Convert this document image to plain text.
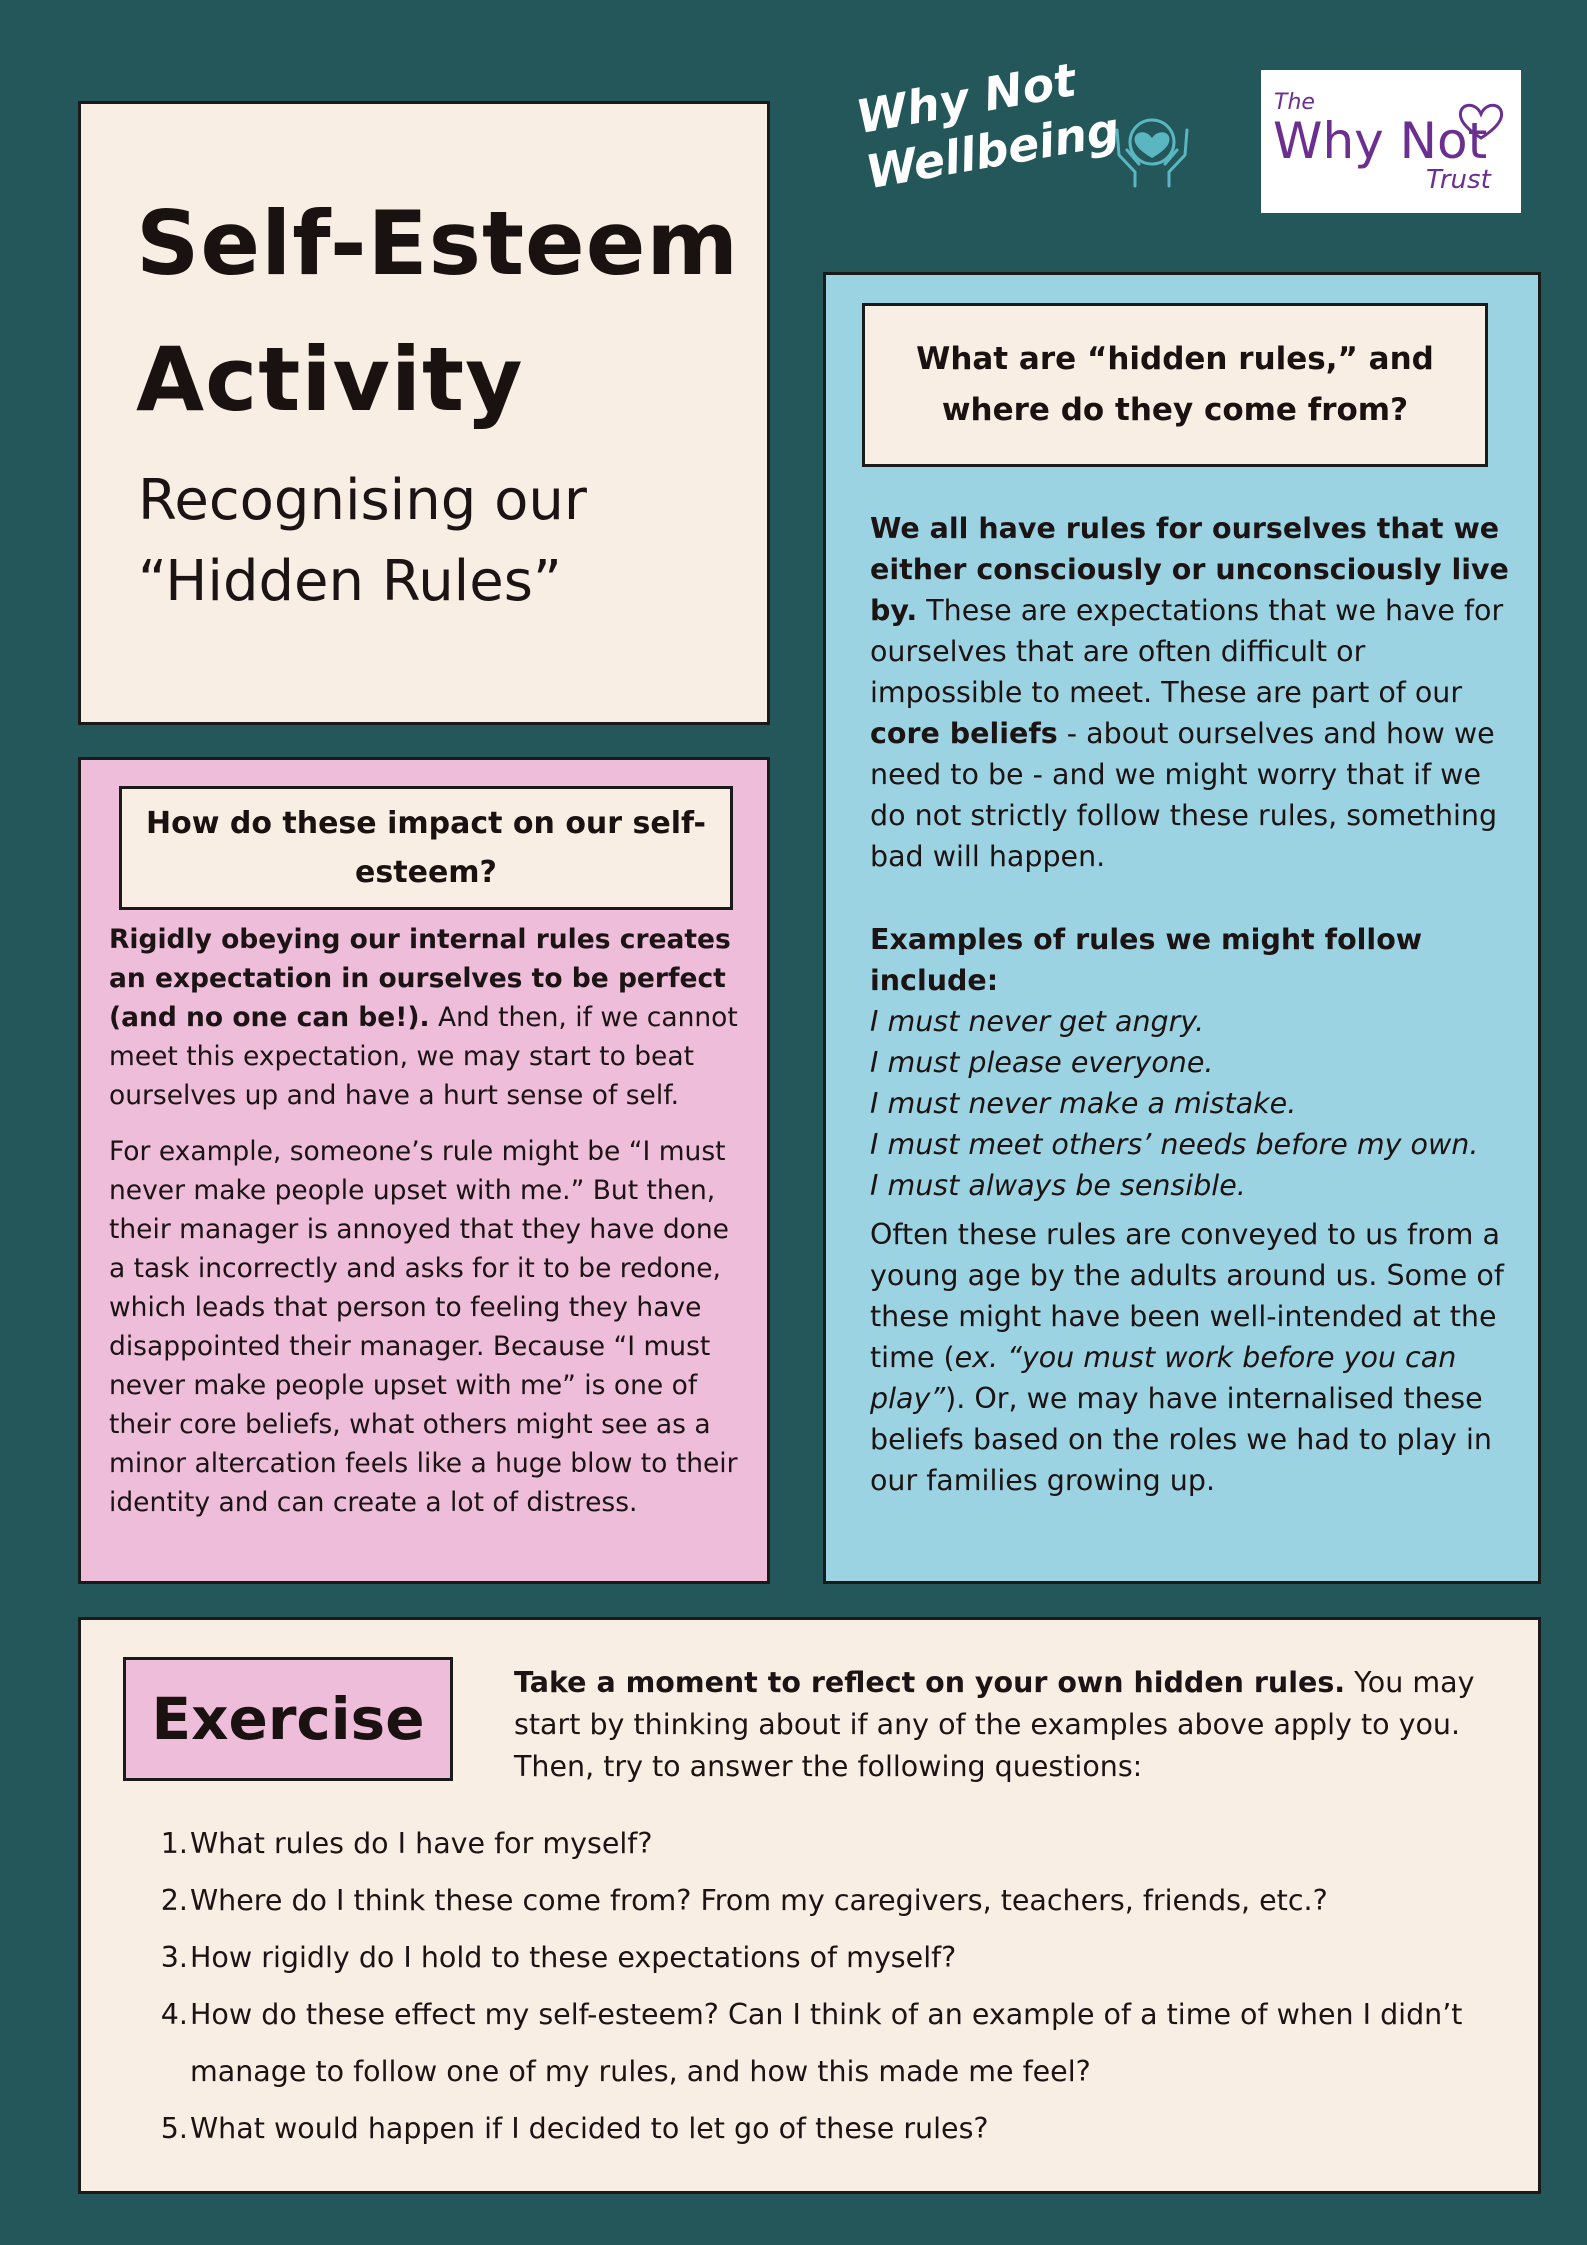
Self-Esteem Activity
Recognising our “Hidden Rules”
Why Not Wellbeing	The
Why Not
Trust
How do these impact on our self-esteem?
Rigidly obeying our internal rules creates an expectation in ourselves to be perfect (and no one can be!). And then, if we cannot meet this expectation, we may start to beat ourselves up and have a hurt sense of self.
For example, someone’s rule might be “I must never make people upset with me.” But then, their manager is annoyed that they have done a task incorrectly and asks for it to be redone, which leads that person to feeling they have disappointed their manager. Because “I must never make people upset with me” is one of their core beliefs, what others might see as a minor altercation feels like a huge blow to their identity and can create a lot of distress.
What are “hidden rules,” and where do they come from?
We all have rules for ourselves that we either consciously or unconsciously live by. These are expectations that we have for ourselves that are often difficult or impossible to meet. These are part of our core beliefs - about ourselves and how we need to be - and we might worry that if we do not strictly follow these rules, something bad will happen.
Examples of rules we might follow include:
I must never get angry.
I must please everyone.
I must never make a mistake.
I must meet others’ needs before my own.
I must always be sensible.
Often these rules are conveyed to us from a young age by the adults around us. Some of these might have been well-intended at the time (ex. “you must work before you can play”). Or, we may have internalised these beliefs based on the roles we had to play in our families growing up.
Exercise
Take a moment to reflect on your own hidden rules. You may start by thinking about if any of the examples above apply to you. Then, try to answer the following questions:
1. What rules do I have for myself?
2. Where do I think these come from? From my caregivers, teachers, friends, etc.?
3. How rigidly do I hold to these expectations of myself?
4. How do these effect my self-esteem? Can I think of an example of a time of when I didn’t manage to follow one of my rules, and how this made me feel?
5. What would happen if I decided to let go of these rules?
